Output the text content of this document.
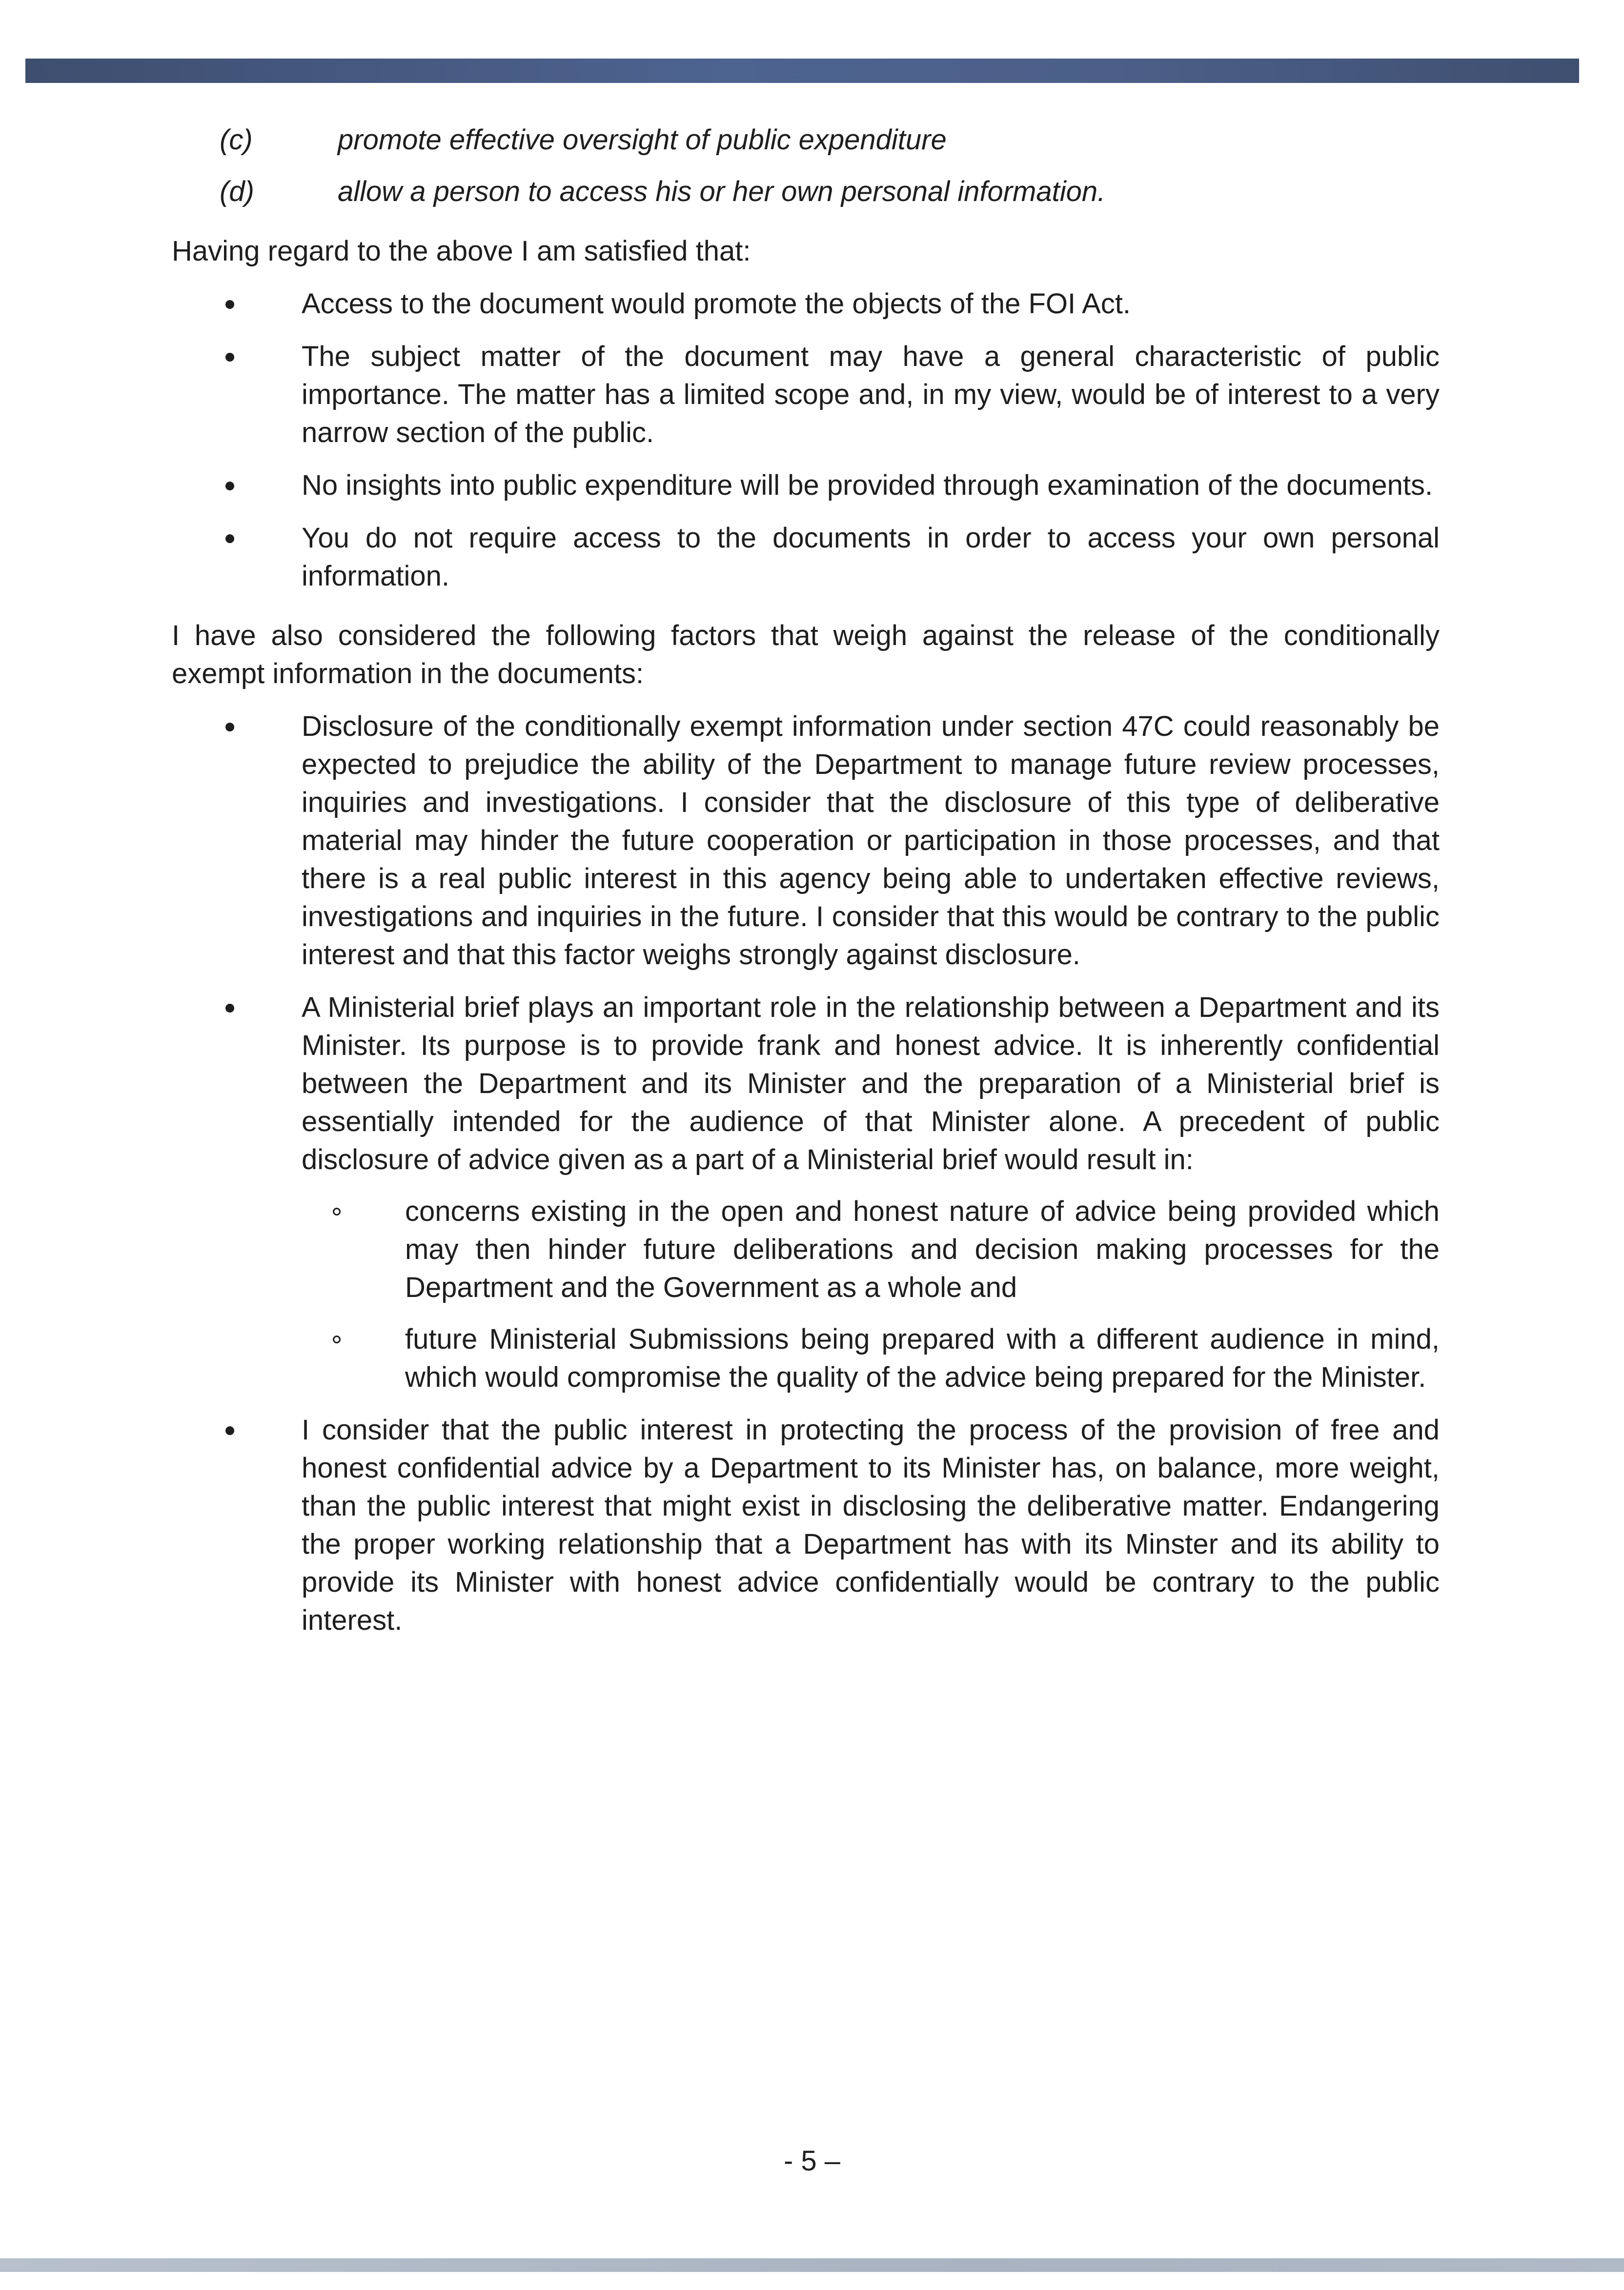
(c)	promote effective oversight of public expenditure
(d)	allow a person to access his or her own personal information.

Having regard to the above I am satisfied that:

Access to the document would promote the objects of the FOI Act.
The subject matter of the document may have a general characteristic of public importance. The matter has a limited scope and, in my view, would be of interest to a very narrow section of the public.
No insights into public expenditure will be provided through examination of the documents.
You do not require access to the documents in order to access your own personal information.

I have also considered the following factors that weigh against the release of the conditionally exempt information in the documents:

Disclosure of the conditionally exempt information under section 47C could reasonably be expected to prejudice the ability of the Department to manage future review processes, inquiries and investigations. I consider that the disclosure of this type of deliberative material may hinder the future cooperation or participation in those processes, and that there is a real public interest in this agency being able to undertaken effective reviews, investigations and inquiries in the future. I consider that this would be contrary to the public interest and that this factor weighs strongly against disclosure.
A Ministerial brief plays an important role in the relationship between a Department and its Minister. Its purpose is to provide frank and honest advice. It is inherently confidential between the Department and its Minister and the preparation of a Ministerial brief is essentially intended for the audience of that Minister alone. A precedent of public disclosure of advice given as a part of a Ministerial brief would result in:
concerns existing in the open and honest nature of advice being provided which may then hinder future deliberations and decision making processes for the Department and the Government as a whole and
future Ministerial Submissions being prepared with a different audience in mind, which would compromise the quality of the advice being prepared for the Minister.
I consider that the public interest in protecting the process of the provision of free and honest confidential advice by a Department to its Minister has, on balance, more weight, than the public interest that might exist in disclosing the deliberative matter. Endangering the proper working relationship that a Department has with its Minster and its ability to provide its Minister with honest advice confidentially would be contrary to the public interest.
- 5 –
